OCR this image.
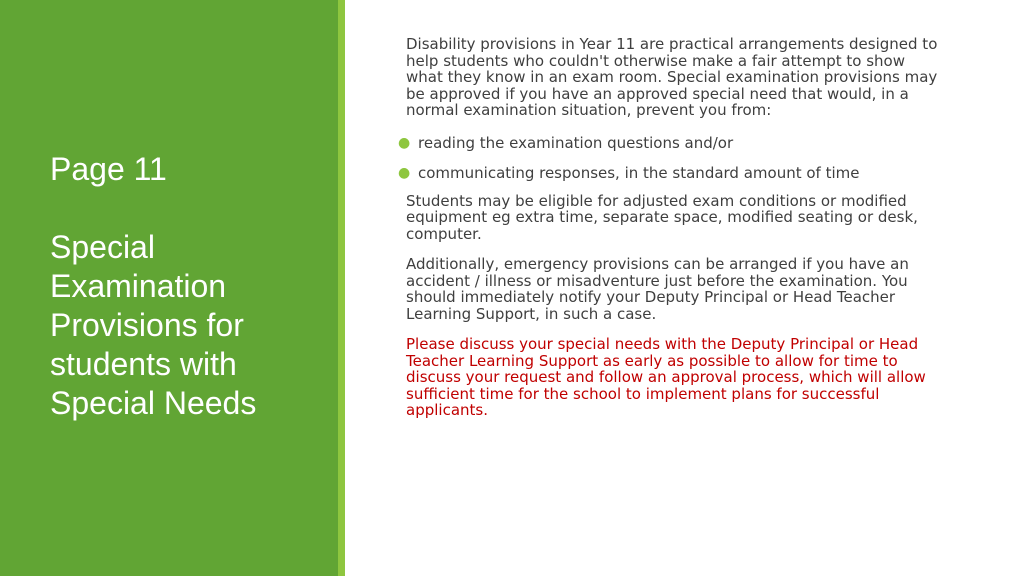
Page 11

Special Examination Provisions for students with Special Needs

Disability provisions in Year 11 are practical arrangements designed to help students who couldn't otherwise make a fair attempt to show what they know in an exam room. Special examination provisions may be approved if you have an approved special need that would, in a normal examination situation, prevent you from:

● reading the examination questions and/or
● communicating responses, in the standard amount of time

Students may be eligible for adjusted exam conditions or modified equipment eg extra time, separate space, modified seating or desk, computer.

Additionally, emergency provisions can be arranged if you have an accident / illness or misadventure just before the examination. You should immediately notify your Deputy Principal or Head Teacher Learning Support, in such a case.

Please discuss your special needs with the Deputy Principal or Head Teacher Learning Support as early as possible to allow for time to discuss your request and follow an approval process, which will allow sufficient time for the school to implement plans for successful applicants.
